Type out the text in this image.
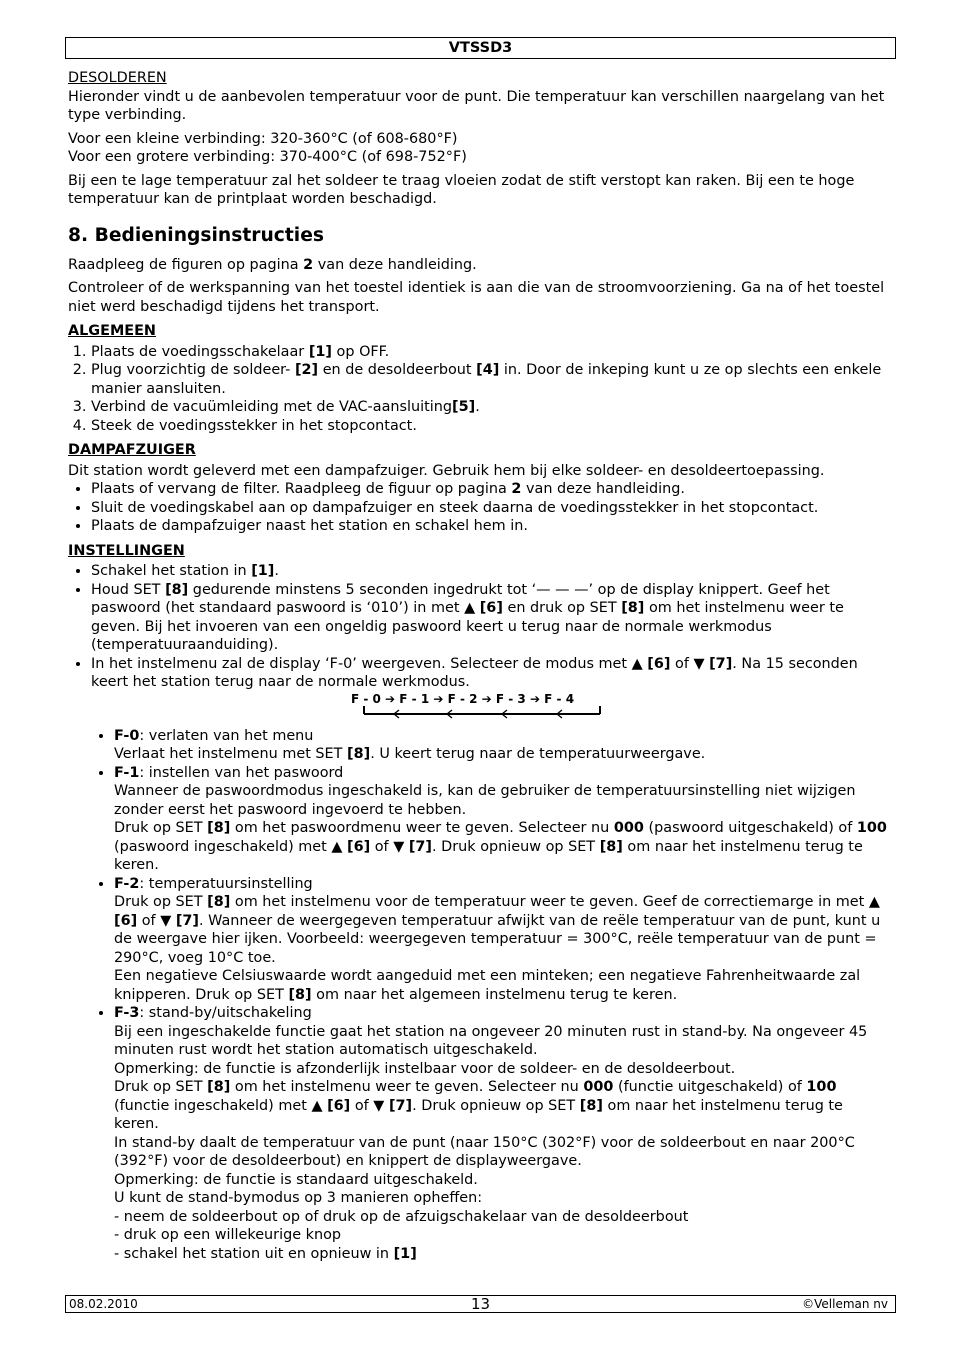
VTSSD3
DESOLDEREN

Hieronder vindt u de aanbevolen temperatuur voor de punt. Die temperatuur kan verschillen naargelang van het type verbinding.

Voor een kleine verbinding: 320-360°C (of 608-680°F)
Voor een grotere verbinding: 370-400°C (of 698-752°F)

Bij een te lage temperatuur zal het soldeer te traag vloeien zodat de stift verstopt kan raken. Bij een te hoge temperatuur kan de printplaat worden beschadigd.

8. Bedieningsinstructies

Raadpleeg de figuren op pagina 2 van deze handleiding.

Controleer of de werkspanning van het toestel identiek is aan die van de stroomvoorziening. Ga na of het toestel niet werd beschadigd tijdens het transport.

ALGEMEEN
1. Plaats de voedingsschakelaar [1] op OFF.
2. Plug voorzichtig de soldeer- [2] en de desoldeerbout [4] in. Door de inkeping kunt u ze op slechts een enkele manier aansluiten.
3. Verbind de vacuümleiding met de VAC-aansluiting[5].
4. Steek de voedingsstekker in het stopcontact.
DAMPAFZUIGER

Dit station wordt geleverd met een dampafzuiger. Gebruik hem bij elke soldeer- en desoldeertoepassing.

• Plaats of vervang de filter. Raadpleeg de figuur op pagina 2 van deze handleiding.
• Sluit de voedingskabel aan op dampafzuiger en steek daarna de voedingsstekker in het stopcontact.
• Plaats de dampafzuiger naast het station en schakel hem in.
INSTELLINGEN
• Schakel het station in [1].
• Houd SET [8] gedurende minstens 5 seconden ingedrukt tot ‘— — —’ op de display knippert. Geef het paswoord (het standaard paswoord is ‘010’) in met ▲ [6] en druk op SET [8] om het instelmenu weer te geven. Bij het invoeren van een ongeldig paswoord keert u terug naar de normale werkmodus (temperatuuraanduiding).
• In het instelmenu zal de display ‘F-0’ weergeven. Selecteer de modus met ▲ [6] of ▼ [7]. Na 15 seconden keert het station terug naar de normale werkmodus.
F - 0 ➔ F - 1 ➔ F - 2 ➔ F - 3 ➔ F - 4
• F-0: verlaten van het menu
Verlaat het instelmenu met SET [8]. U keert terug naar de temperatuurweergave.
• F-1: instellen van het paswoord
Wanneer de paswoordmodus ingeschakeld is, kan de gebruiker de temperatuursinstelling niet wijzigen zonder eerst het paswoord ingevoerd te hebben.
Druk op SET [8] om het paswoordmenu weer te geven. Selecteer nu 000 (paswoord uitgeschakeld) of 100 (paswoord ingeschakeld) met ▲ [6] of ▼ [7]. Druk opnieuw op SET [8] om naar het instelmenu terug te keren.
• F-2: temperatuursinstelling
Druk op SET [8] om het instelmenu voor de temperatuur weer te geven. Geef de correctiemarge in met ▲ [6] of ▼ [7]. Wanneer de weergegeven temperatuur afwijkt van de reële temperatuur van de punt, kunt u de weergave hier ijken. Voorbeeld: weergegeven temperatuur = 300°C, reële temperatuur van de punt = 290°C, voeg 10°C toe.
Een negatieve Celsiuswaarde wordt aangeduid met een minteken; een negatieve Fahrenheitwaarde zal knipperen. Druk op SET [8] om naar het algemeen instelmenu terug te keren.
• F-3: stand-by/uitschakeling
Bij een ingeschakelde functie gaat het station na ongeveer 20 minuten rust in stand-by. Na ongeveer 45 minuten rust wordt het station automatisch uitgeschakeld.
Opmerking: de functie is afzonderlijk instelbaar voor de soldeer- en de desoldeerbout.
Druk op SET [8] om het instelmenu weer te geven. Selecteer nu 000 (functie uitgeschakeld) of 100 (functie ingeschakeld) met ▲ [6] of ▼ [7]. Druk opnieuw op SET [8] om naar het instelmenu terug te keren.
In stand-by daalt de temperatuur van de punt (naar 150°C (302°F) voor de soldeerbout en naar 200°C (392°F) voor de desoldeerbout) en knippert de displayweergave.
Opmerking: de functie is standaard uitgeschakeld.
U kunt de stand-bymodus op 3 manieren opheffen:
- neem de soldeerbout op of druk op de afzuigschakelaar van de desoldeerbout
- druk op een willekeurige knop
- schakel het station uit en opnieuw in [1]
08.02.2010	13	©Velleman nv
